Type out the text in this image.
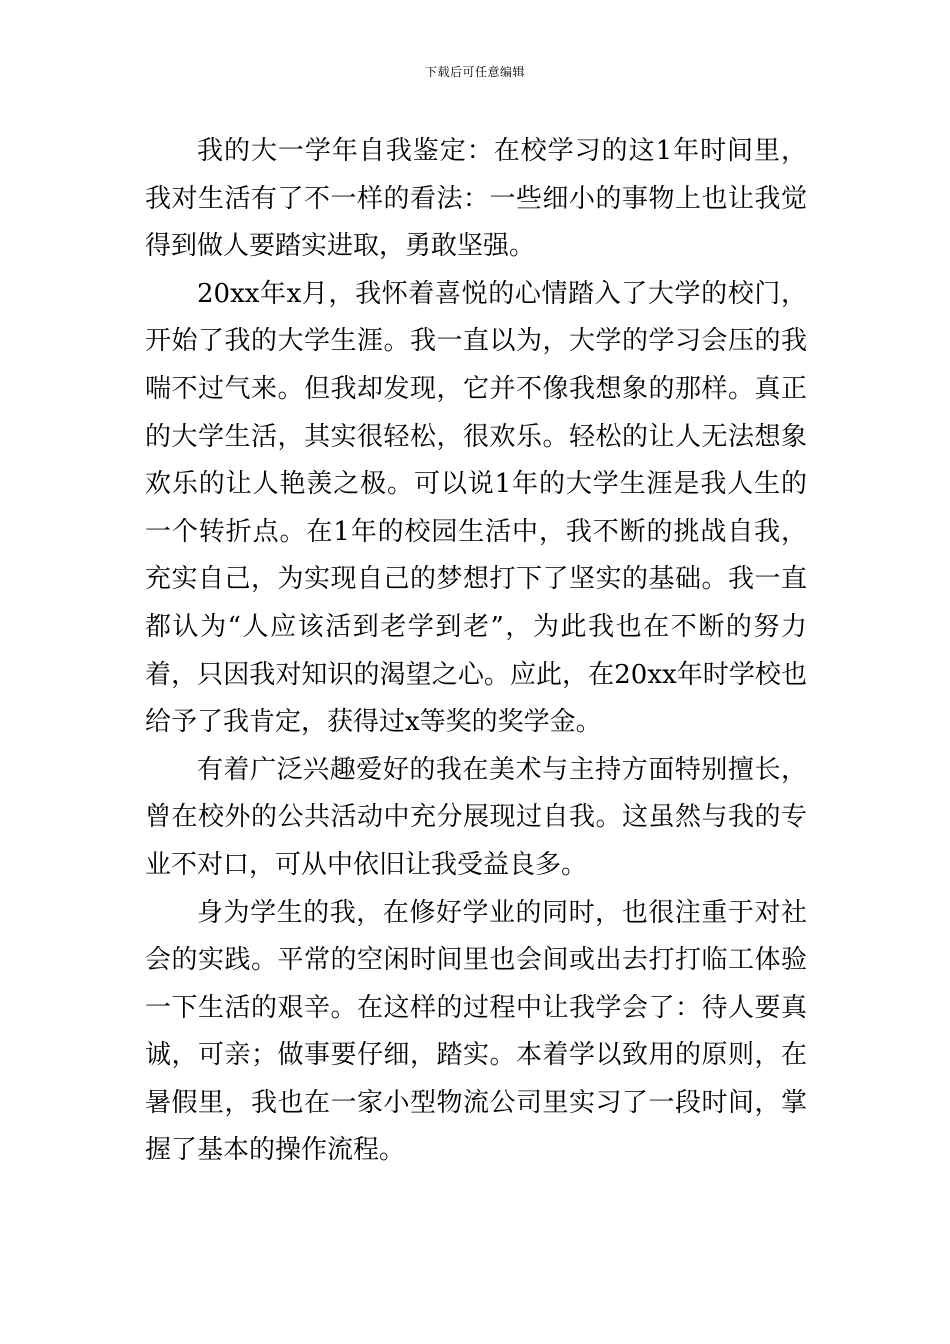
下载后可任意编辑

我的大一学年自我鉴定：在校学习的这1年时间里，我对生活有了不一样的看法：一些细小的事物上也让我觉得到做人要踏实进取，勇敢坚强。

20xx年x月，我怀着喜悦的心情踏入了大学的校门，开始了我的大学生涯。我一直以为，大学的学习会压的我喘不过气来。但我却发现，它并不像我想象的那样。真正的大学生活，其实很轻松，很欢乐。轻松的让人无法想象欢乐的让人艳羡之极。可以说1年的大学生涯是我人生的一个转折点。在1年的校园生活中，我不断的挑战自我，充实自己，为实现自己的梦想打下了坚实的基础。我一直都认为“人应该活到老学到老”，为此我也在不断的努力着，只因我对知识的渴望之心。应此，在20xx年时学校也给予了我肯定，获得过x等奖的奖学金。

有着广泛兴趣爱好的我在美术与主持方面特别擅长，曾在校外的公共活动中充分展现过自我。这虽然与我的专业不对口，可从中依旧让我受益良多。

身为学生的我，在修好学业的同时，也很注重于对社会的实践。平常的空闲时间里也会间或出去打打临工体验一下生活的艰辛。在这样的过程中让我学会了：待人要真诚，可亲；做事要仔细，踏实。本着学以致用的原则，在暑假里，我也在一家小型物流公司里实习了一段时间，掌握了基本的操作流程。
